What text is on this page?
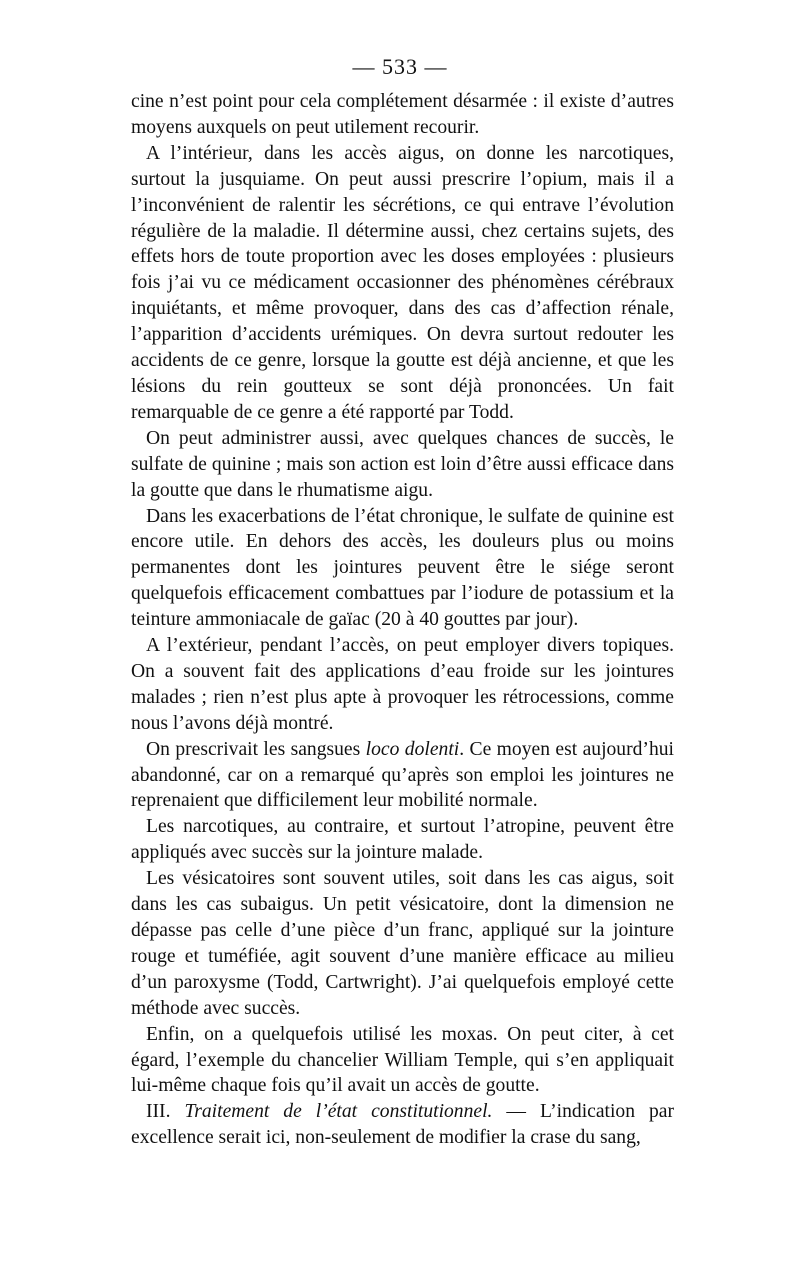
— 533 —

cine n’est point pour cela complétement désarmée : il existe d’autres moyens auxquels on peut utilement recourir.

A l’intérieur, dans les accès aigus, on donne les narcotiques, surtout la jusquiame. On peut aussi prescrire l’opium, mais il a l’inconvénient de ralentir les sécrétions, ce qui entrave l’évolution régulière de la maladie. Il détermine aussi, chez certains sujets, des effets hors de toute proportion avec les doses employées : plusieurs fois j’ai vu ce médicament occasionner des phénomènes cérébraux inquiétants, et même provoquer, dans des cas d’affection rénale, l’apparition d’accidents urémiques. On devra surtout redouter les accidents de ce genre, lorsque la goutte est déjà ancienne, et que les lésions du rein goutteux se sont déjà prononcées. Un fait remarquable de ce genre a été rapporté par Todd.

On peut administrer aussi, avec quelques chances de succès, le sulfate de quinine ; mais son action est loin d’être aussi efficace dans la goutte que dans le rhumatisme aigu.

Dans les exacerbations de l’état chronique, le sulfate de quinine est encore utile. En dehors des accès, les douleurs plus ou moins permanentes dont les jointures peuvent être le siége seront quelquefois efficacement combattues par l’iodure de potassium et la teinture ammoniacale de gaïac (20 à 40 gouttes par jour).

A l’extérieur, pendant l’accès, on peut employer divers topiques. On a souvent fait des applications d’eau froide sur les jointures malades ; rien n’est plus apte à provoquer les rétrocessions, comme nous l’avons déjà montré.

On prescrivait les sangsues loco dolenti. Ce moyen est aujourd’hui abandonné, car on a remarqué qu’après son emploi les jointures ne reprenaient que difficilement leur mobilité normale.

Les narcotiques, au contraire, et surtout l’atropine, peuvent être appliqués avec succès sur la jointure malade.

Les vésicatoires sont souvent utiles, soit dans les cas aigus, soit dans les cas subaigus. Un petit vésicatoire, dont la dimension ne dépasse pas celle d’une pièce d’un franc, appliqué sur la jointure rouge et tuméfiée, agit souvent d’une manière efficace au milieu d’un paroxysme (Todd, Cartwright). J’ai quelquefois employé cette méthode avec succès.

Enfin, on a quelquefois utilisé les moxas. On peut citer, à cet égard, l’exemple du chancelier William Temple, qui s’en appliquait lui-même chaque fois qu’il avait un accès de goutte.

III. Traitement de l’état constitutionnel. — L’indication par excellence serait ici, non-seulement de modifier la crase du sang,
